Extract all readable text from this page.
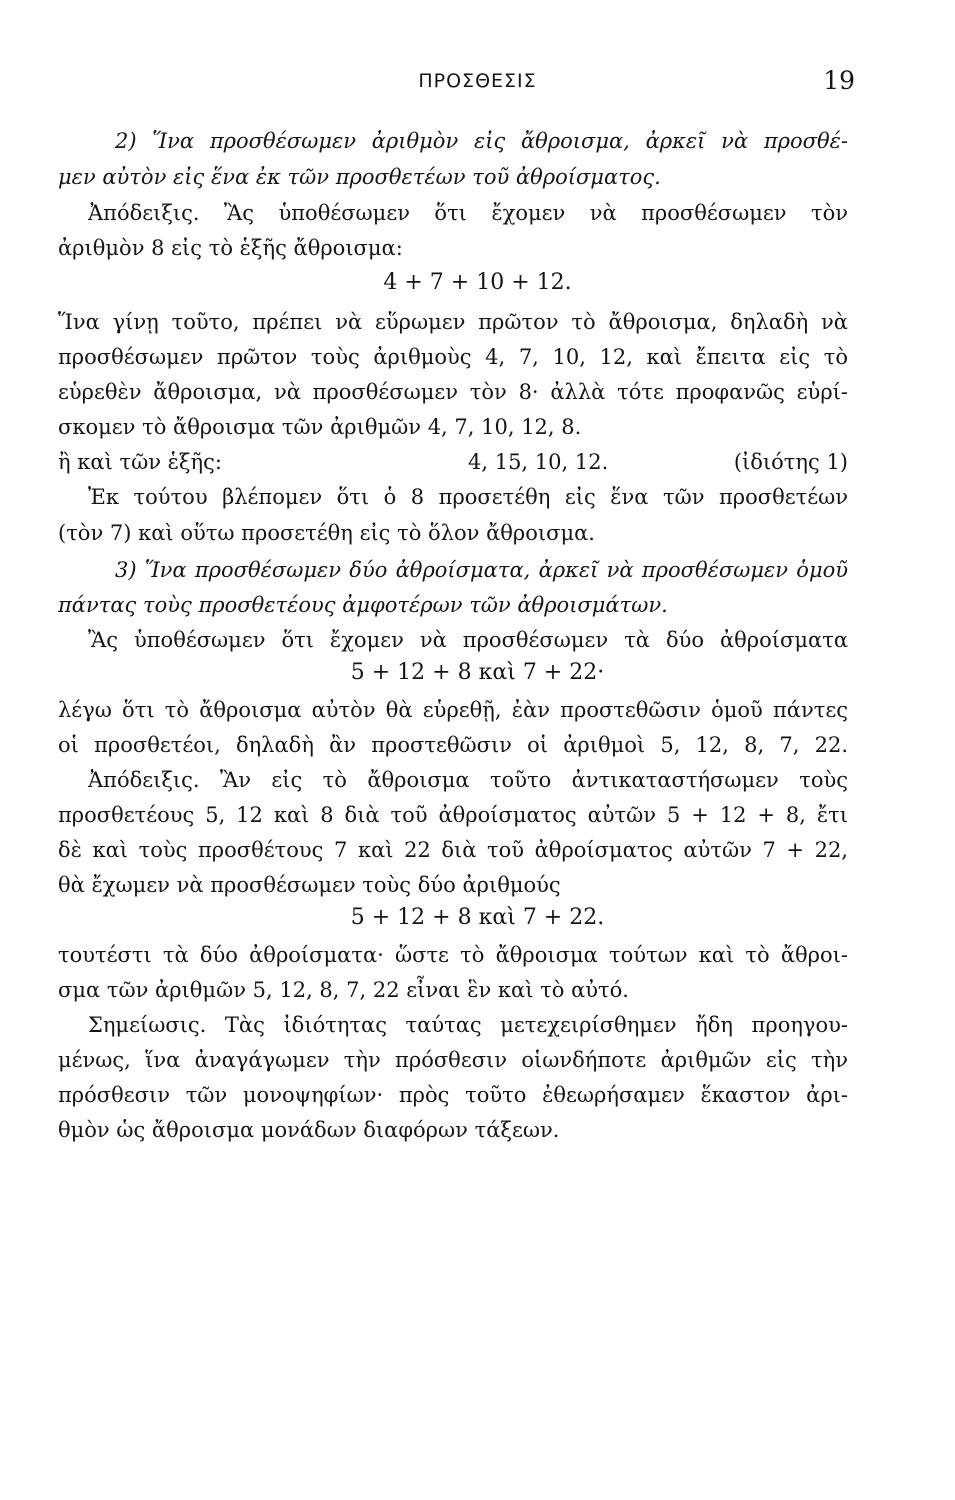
ΠΡΟΣΘΕΣΙΣ	19
2) Ἵνα προσθέσωμεν ἀριθμὸν εἰς ἄθροισμα, ἀρκεῖ νὰ προσθέ-
μεν αὐτὸν εἰς ἕνα ἐκ τῶν προσθετέων τοῦ ἀθροίσματος.
Ἀπόδειξις. Ἂς ὑποθέσωμεν ὅτι ἔχομεν νὰ προσθέσωμεν τὸν
ἀριθμὸν 8 εἰς τὸ ἑξῆς ἄθροισμα:
4 + 7 + 10 + 12.
Ἵνα γίνῃ τοῦτο, πρέπει νὰ εὕρωμεν πρῶτον τὸ ἄθροισμα, δηλαδὴ νὰ
προσθέσωμεν πρῶτον τοὺς ἀριθμοὺς 4, 7, 10, 12, καὶ ἔπειτα εἰς τὸ
εὑρεθὲν ἄθροισμα, νὰ προσθέσωμεν τὸν 8· ἀλλὰ τότε προφανῶς εὑρί-
σκομεν τὸ ἄθροισμα τῶν ἀριθμῶν 4, 7, 10, 12, 8.
ἢ καὶ τῶν ἑξῆς:	4, 15, 10, 12.	(ἰδιότης 1)
Ἐκ τούτου βλέπομεν ὅτι ὁ 8 προσετέθη εἰς ἕνα τῶν προσθετέων
(τὸν 7) καὶ οὕτω προσετέθη εἰς τὸ ὅλον ἄθροισμα.
3) Ἵνα προσθέσωμεν δύο ἀθροίσματα, ἀρκεῖ νὰ προσθέσωμεν ὁμοῦ
πάντας τοὺς προσθετέους ἀμφοτέρων τῶν ἀθροισμάτων.
Ἂς ὑποθέσωμεν ὅτι ἔχομεν νὰ προσθέσωμεν τὰ δύο ἀθροίσματα
5 + 12 + 8 καὶ 7 + 22·
λέγω ὅτι τὸ ἄθροισμα αὐτὸν θὰ εὑρεθῇ, ἐὰν προστεθῶσιν ὁμοῦ πάντες
οἱ προσθετέοι, δηλαδὴ ἂν προστεθῶσιν οἱ ἀριθμοὶ 5, 12, 8, 7, 22.
Ἀπόδειξις. Ἂν εἰς τὸ ἄθροισμα τοῦτο ἀντικαταστήσωμεν τοὺς
προσθετέους 5, 12 καὶ 8 διὰ τοῦ ἀθροίσματος αὐτῶν 5 + 12 + 8, ἔτι
δὲ καὶ τοὺς προσθέτους 7 καὶ 22 διὰ τοῦ ἀθροίσματος αὐτῶν 7 + 22,
θὰ ἔχωμεν νὰ προσθέσωμεν τοὺς δύο ἀριθμούς
5 + 12 + 8 καὶ 7 + 22.
τουτέστι τὰ δύο ἀθροίσματα· ὥστε τὸ ἄθροισμα τούτων καὶ τὸ ἄθροι-
σμα τῶν ἀριθμῶν 5, 12, 8, 7, 22 εἶναι ἓν καὶ τὸ αὐτό.
Σημείωσις. Τὰς ἰδιότητας ταύτας μετεχειρίσθημεν ἤδη προηγου-
μένως, ἵνα ἀναγάγωμεν τὴν πρόσθεσιν οἱωνδήποτε ἀριθμῶν εἰς τὴν
πρόσθεσιν τῶν μονοψηφίων· πρὸς τοῦτο ἐθεωρήσαμεν ἕκαστον ἀρι-
θμὸν ὡς ἄθροισμα μονάδων διαφόρων τάξεων.
